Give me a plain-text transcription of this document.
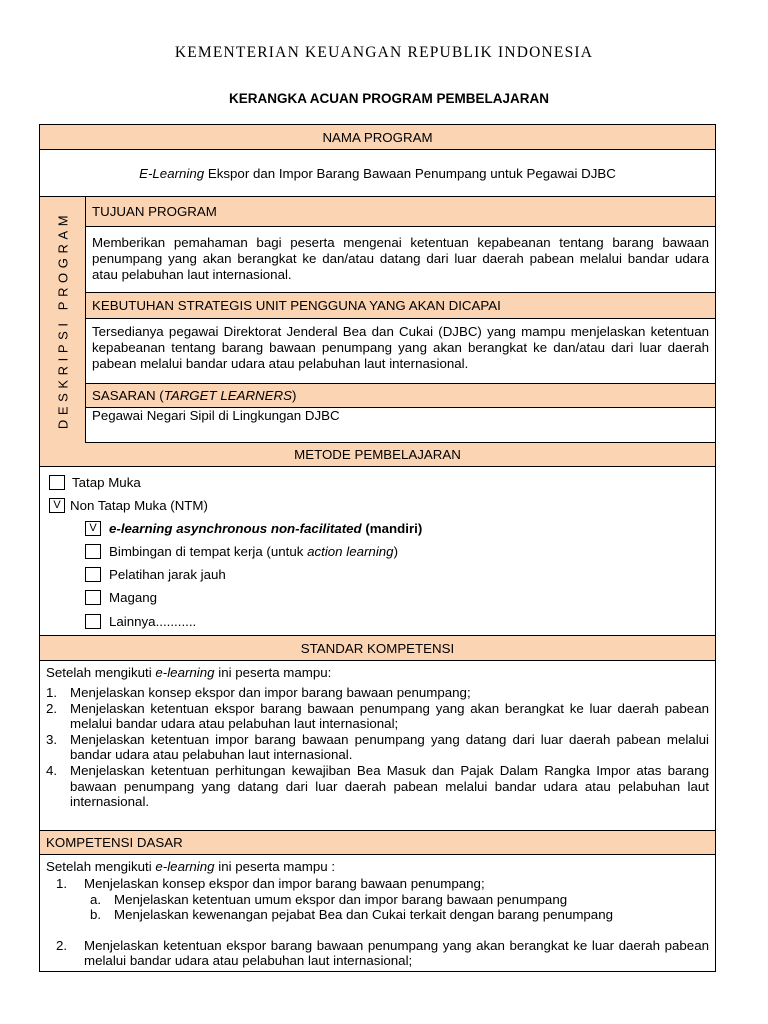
KEMENTERIAN KEUANGAN REPUBLIK INDONESIA
KERANGKA ACUAN PROGRAM PEMBELAJARAN
NAMA PROGRAM
E-Learning Ekspor dan Impor Barang Bawaan Penumpang untuk Pegawai DJBC
DESKRIPSI PROGRAM	TUJUAN PROGRAM
Memberikan pemahaman bagi peserta mengenai ketentuan kepabeanan tentang barang bawaan penumpang yang akan berangkat ke dan/atau datang dari luar daerah pabean melalui bandar udara atau pelabuhan laut internasional.
KEBUTUHAN STRATEGIS UNIT PENGGUNA YANG AKAN DICAPAI
Tersedianya pegawai Direktorat Jenderal Bea dan Cukai (DJBC) yang mampu menjelaskan ketentuan kepabeanan tentang barang bawaan penumpang yang akan berangkat ke dan/atau dari luar daerah pabean melalui bandar udara atau pelabuhan laut internasional.
SASARAN ( TARGET LEARNERS )
Pegawai Negari Sipil di Lingkungan DJBC
METODE PEMBELAJARAN
Tatap Muka
V Non Tatap Muka (NTM)
V e-learning asynchronous non-facilitated (mandiri)
Bimbingan di tempat kerja (untuk action learning)
Pelatihan jarak jauh
Magang
Lainnya...........
STANDAR KOMPETENSI
Setelah mengikuti e-learning ini peserta mampu:
1. Menjelaskan konsep ekspor dan impor barang bawaan penumpang;
2. Menjelaskan ketentuan ekspor barang bawaan penumpang yang akan berangkat ke luar daerah pabean melalui bandar udara atau pelabuhan laut internasional;
3. Menjelaskan ketentuan impor barang bawaan penumpang yang datang dari luar daerah pabean melalui bandar udara atau pelabuhan laut internasional.
4. Menjelaskan ketentuan perhitungan kewajiban Bea Masuk dan Pajak Dalam Rangka Impor atas barang bawaan penumpang yang datang dari luar daerah pabean melalui bandar udara atau pelabuhan laut internasional.
KOMPETENSI DASAR
Setelah mengikuti e-learning ini peserta mampu :
1.	Menjelaskan konsep ekspor dan impor barang bawaan penumpang;
a. Menjelaskan ketentuan umum ekspor dan impor barang bawaan penumpang
b. Menjelaskan kewenangan pejabat Bea dan Cukai terkait dengan barang penumpang
2.	Menjelaskan ketentuan ekspor barang bawaan penumpang yang akan berangkat ke luar daerah pabean melalui bandar udara atau pelabuhan laut internasional;
